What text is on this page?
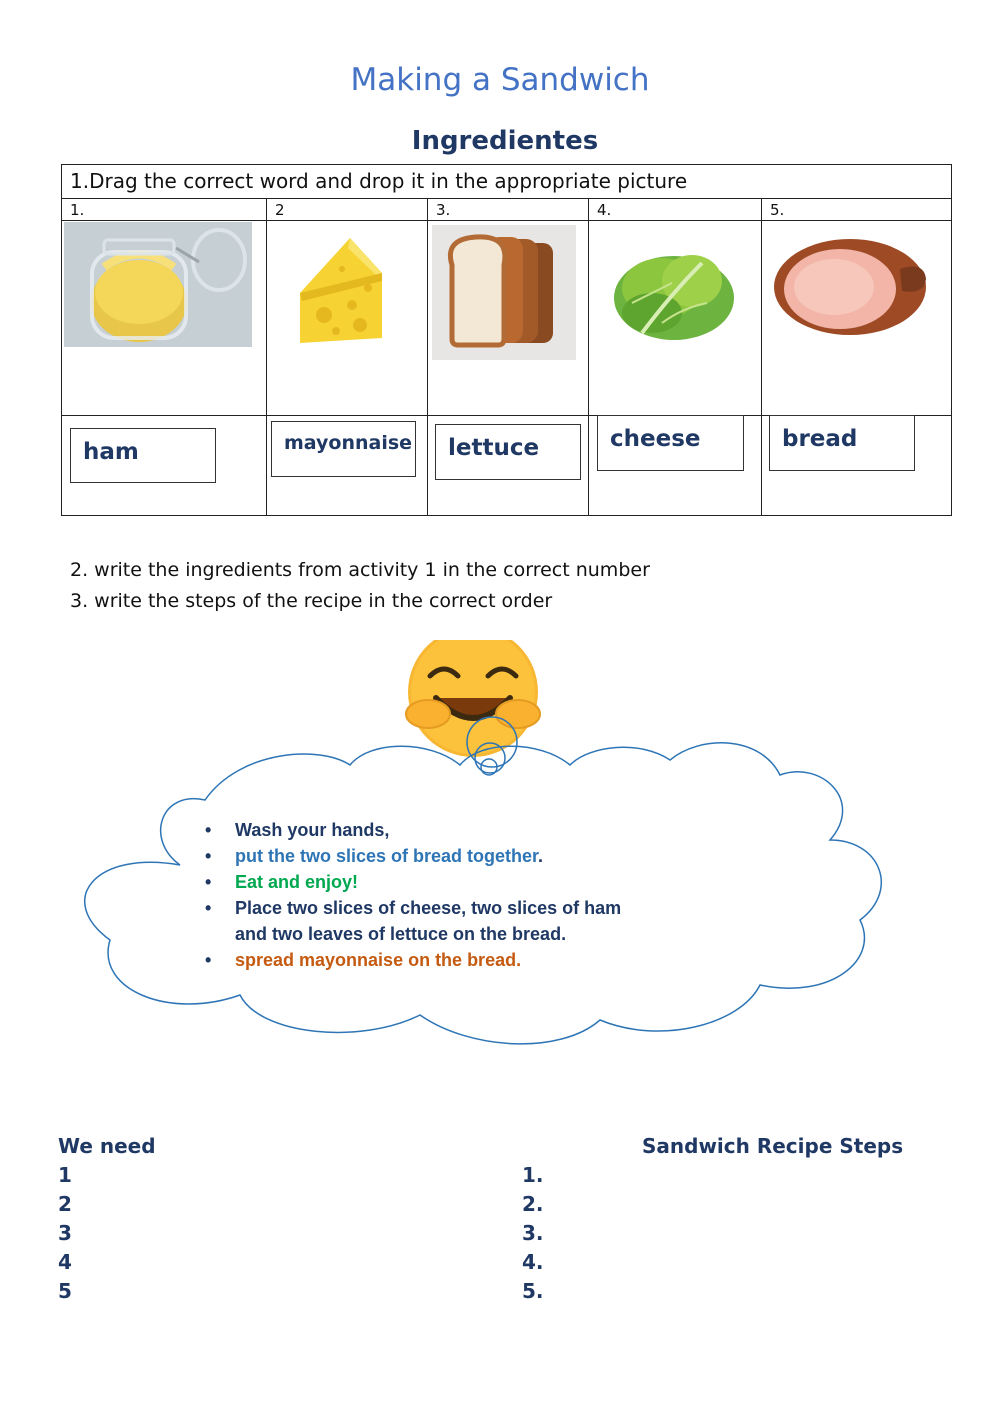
Making a Sandwich
Ingredientes
1.Drag the correct word and drop it in the appropriate picture
1.	2	3.	4.	5.
ham	mayonnaise	lettuce	cheese	bread
2. write the ingredients from activity 1 in the correct number
3. write the steps of the recipe in the correct order
• Wash your hands,
• put the two slices of bread together.
• Eat and enjoy!
• Place two slices of cheese, two slices of ham
and two leaves of lettuce on the bread.
• spread mayonnaise on the bread.
We need
1
2
3
4
5
Sandwich Recipe Steps
1.
2.
3.
4.
5.
